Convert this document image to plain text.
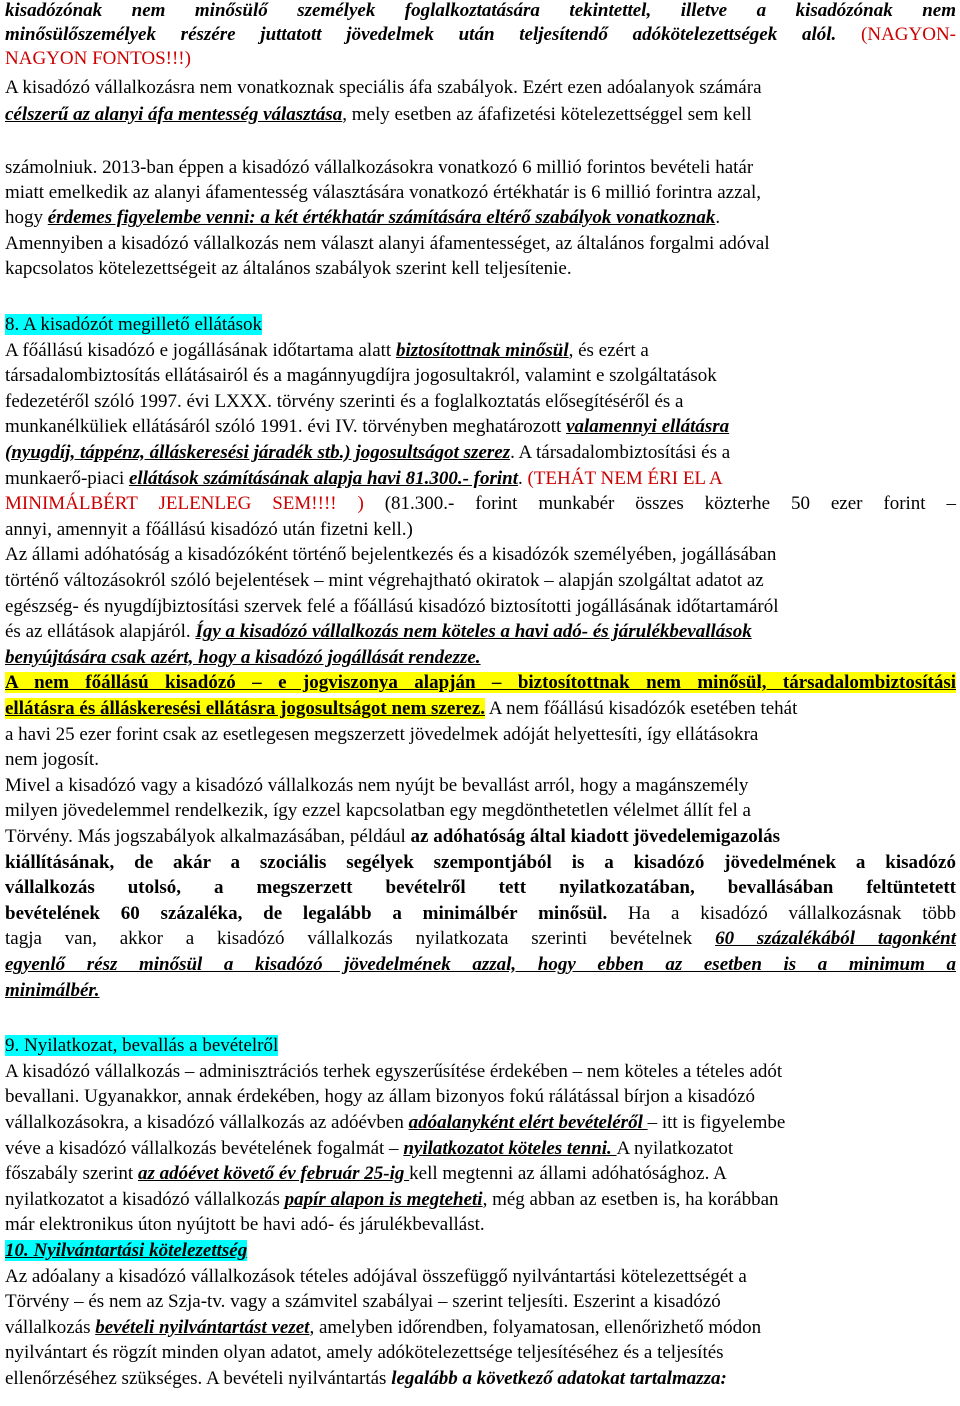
kisadózónak nem minősülő személyek foglalkoztatására tekintettel, illetve a kisadózónak nem
minősülőszemélyek részére juttatott jövedelmek után teljesítendő adókötelezettségek alól. (NAGYON-
NAGYON FONTOS!!!)
A kisadózó vállalkozásra nem vonatkoznak speciális áfa szabályok. Ezért ezen adóalanyok számára
célszerű az alanyi áfa mentesség választása, mely esetben az áfafizetési kötelezettséggel sem kell
számolniuk. 2013-ban éppen a kisadózó vállalkozásokra vonatkozó 6 millió forintos bevételi határ
miatt emelkedik az alanyi áfamentesség választására vonatkozó értékhatár is 6 millió forintra azzal,
hogy érdemes figyelembe venni: a két értékhatár számítására eltérő szabályok vonatkoznak.
Amennyiben a kisadózó vállalkozás nem választ alanyi áfamentességet, az általános forgalmi adóval
kapcsolatos kötelezettségeit az általános szabályok szerint kell teljesítenie.
8. A kisadózót megillető ellátások
A főállású kisadózó e jogállásának időtartama alatt biztosítottnak minősül, és ezért a
társadalombiztosítás ellátásairól és a magánnyugdíjra jogosultakról, valamint e szolgáltatások
fedezetéről szóló 1997. évi LXXX. törvény szerinti és a foglalkoztatás elősegítéséről és a
munkanélküliek ellátásáról szóló 1991. évi IV. törvényben meghatározott valamennyi ellátásra
(nyugdíj, táppénz, álláskeresési járadék stb.) jogosultságot szerez. A társadalombiztosítási és a
munkaerő-piaci ellátások számításának alapja havi 81.300.- forint. (TEHÁT NEM ÉRI EL A
MINIMÁLBÉRT JELENLEG SEM!!!! ) (81.300.- forint munkabér összes közterhe 50 ezer forint –
annyi, amennyit a főállású kisadózó után fizetni kell.)
Az állami adóhatóság a kisadózóként történő bejelentkezés és a kisadózók személyében, jogállásában
történő változásokról szóló bejelentések – mint végrehajtható okiratok – alapján szolgáltat adatot az
egészség- és nyugdíjbiztosítási szervek felé a főállású kisadózó biztosítotti jogállásának időtartamáról
és az ellátások alapjáról. Így a kisadózó vállalkozás nem köteles a havi adó- és járulékbevallások
benyújtására csak azért, hogy a kisadózó jogállását rendezze.
A nem főállású kisadózó – e jogviszonya alapján – biztosítottnak nem minősül, társadalombiztosítási
ellátásra és álláskeresési ellátásra jogosultságot nem szerez. A nem főállású kisadózók esetében tehát
a havi 25 ezer forint csak az esetlegesen megszerzett jövedelmek adóját helyettesíti, így ellátásokra
nem jogosít.
Mivel a kisadózó vagy a kisadózó vállalkozás nem nyújt be bevallást arról, hogy a magánszemély
milyen jövedelemmel rendelkezik, így ezzel kapcsolatban egy megdönthetetlen vélelmet állít fel a
Törvény. Más jogszabályok alkalmazásában, például az adóhatóság által kiadott jövedelemigazolás
kiállításának, de akár a szociális segélyek szempontjából is a kisadózó jövedelmének a kisadózó
vállalkozás utolsó, a megszerzett bevételről tett nyilatkozatában, bevallásában feltüntetett
bevételének 60 százaléka, de legalább a minimálbér minősül. Ha a kisadózó vállalkozásnak több
tagja van, akkor a kisadózó vállalkozás nyilatkozata szerinti bevételnek 60 százalékából tagonként
egyenlő rész minősül a kisadózó jövedelmének azzal, hogy ebben az esetben is a minimum a
minimálbér.
9. Nyilatkozat, bevallás a bevételről
A kisadózó vállalkozás – adminisztrációs terhek egyszerűsítése érdekében – nem köteles a tételes adót
bevallani. Ugyanakkor, annak érdekében, hogy az állam bizonyos fokú rálátással bírjon a kisadózó
vállalkozásokra, a kisadózó vállalkozás az adóévben adóalanyként elért bevételéről – itt is figyelembe
véve a kisadózó vállalkozás bevételének fogalmát – nyilatkozatot köteles tenni. A nyilatkozatot
főszabály szerint az adóévet követő év február 25-ig kell megtenni az állami adóhatósághoz. A
nyilatkozatot a kisadózó vállalkozás papír alapon is megteheti, még abban az esetben is, ha korábban
már elektronikus úton nyújtott be havi adó- és járulékbevallást.
10. Nyilvántartási kötelezettség
Az adóalany a kisadózó vállalkozások tételes adójával összefüggő nyilvántartási kötelezettségét a
Törvény – és nem az Szja-tv. vagy a számvitel szabályai – szerint teljesíti. Eszerint a kisadózó
vállalkozás bevételi nyilvántartást vezet, amelyben időrendben, folyamatosan, ellenőrizhető módon
nyilvántart és rögzít minden olyan adatot, amely adókötelezettsége teljesítéséhez és a teljesítés
ellenőrzéséhez szükséges. A bevételi nyilvántartás legalább a következő adatokat tartalmazza:
